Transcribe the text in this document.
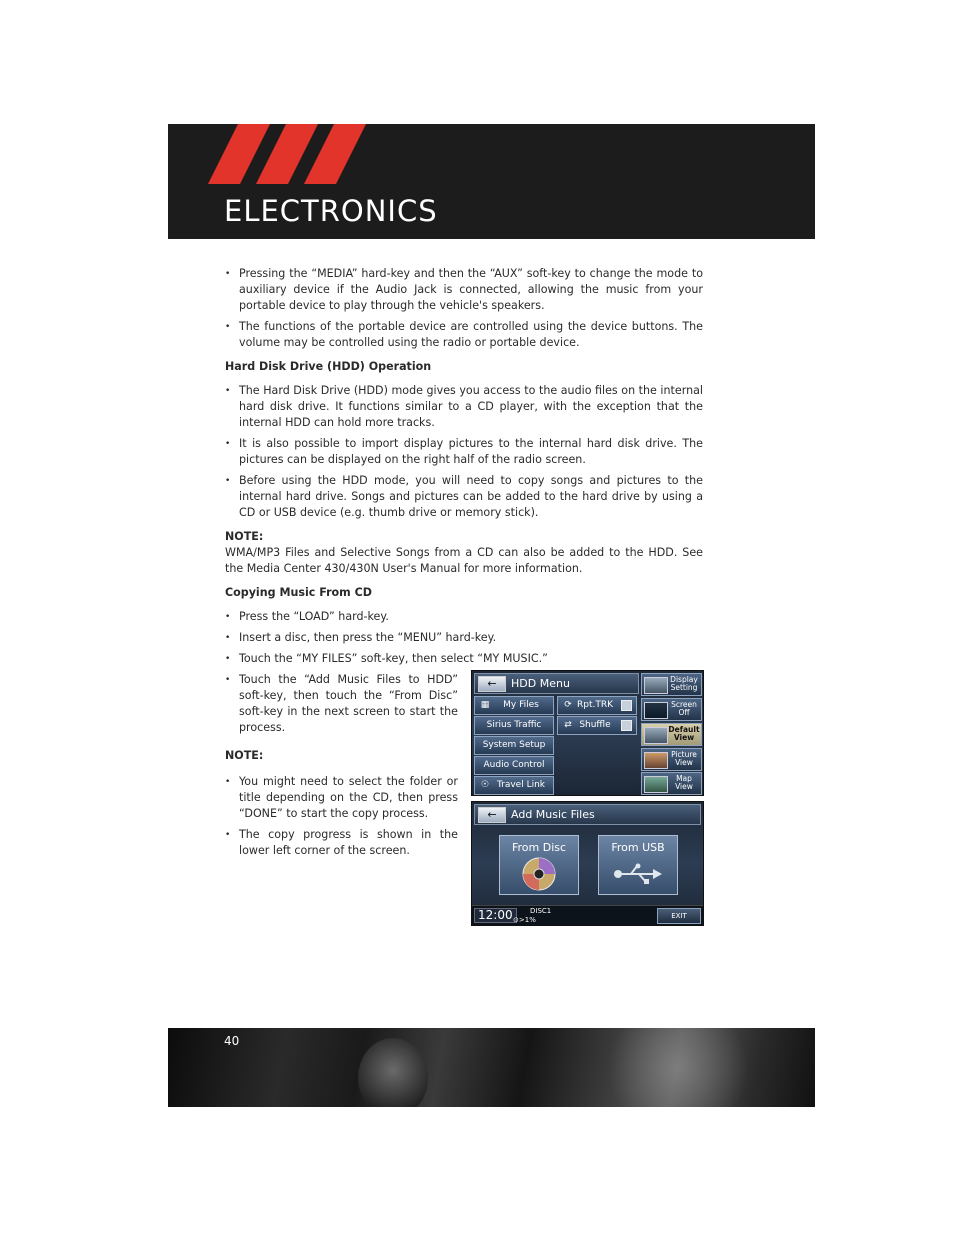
ELECTRONICS
• Pressing the “MEDIA” hard-key and then the “AUX” soft-key to change the mode to auxiliary device if the Audio Jack is connected, allowing the music from your portable device to play through the vehicle's speakers.
• The functions of the portable device are controlled using the device buttons. The volume may be controlled using the radio or portable device.
Hard Disk Drive (HDD) Operation
• The Hard Disk Drive (HDD) mode gives you access to the audio files on the internal hard disk drive. It functions similar to a CD player, with the exception that the internal HDD can hold more tracks.
• It is also possible to import display pictures to the internal hard disk drive. The pictures can be displayed on the right half of the radio screen.
• Before using the HDD mode, you will need to copy songs and pictures to the internal hard drive. Songs and pictures can be added to the hard drive by using a CD or USB device (e.g. thumb drive or memory stick).
NOTE:
WMA/MP3 Files and Selective Songs from a CD can also be added to the HDD. See the Media Center 430/430N User's Manual for more information.
Copying Music From CD
• Press the “LOAD” hard-key.
• Insert a disc, then press the “MENU” hard-key.
• Touch the “MY FILES” soft-key, then select “MY MUSIC.”
• Touch the “Add Music Files to HDD” soft-key, then touch the “From Disc” soft-key in the next screen to start the process.
NOTE:
• You might need to select the folder or title depending on the CD, then press “DONE” to start the copy process.
• The copy progress is shown in the lower left corner of the screen.
←	HDD Menu
▦	My Files	⟳ Rpt.TRK
Sirius Traffic	⇄ Shuffle
System Setup
Audio Control
☉ Travel Link
Display
Setting
Screen
Off
Default
View
Picture
View
Map
View
←	Add Music Files
From Disc	From USB
12:00	DISC1
⊙>1%	EXIT
40
